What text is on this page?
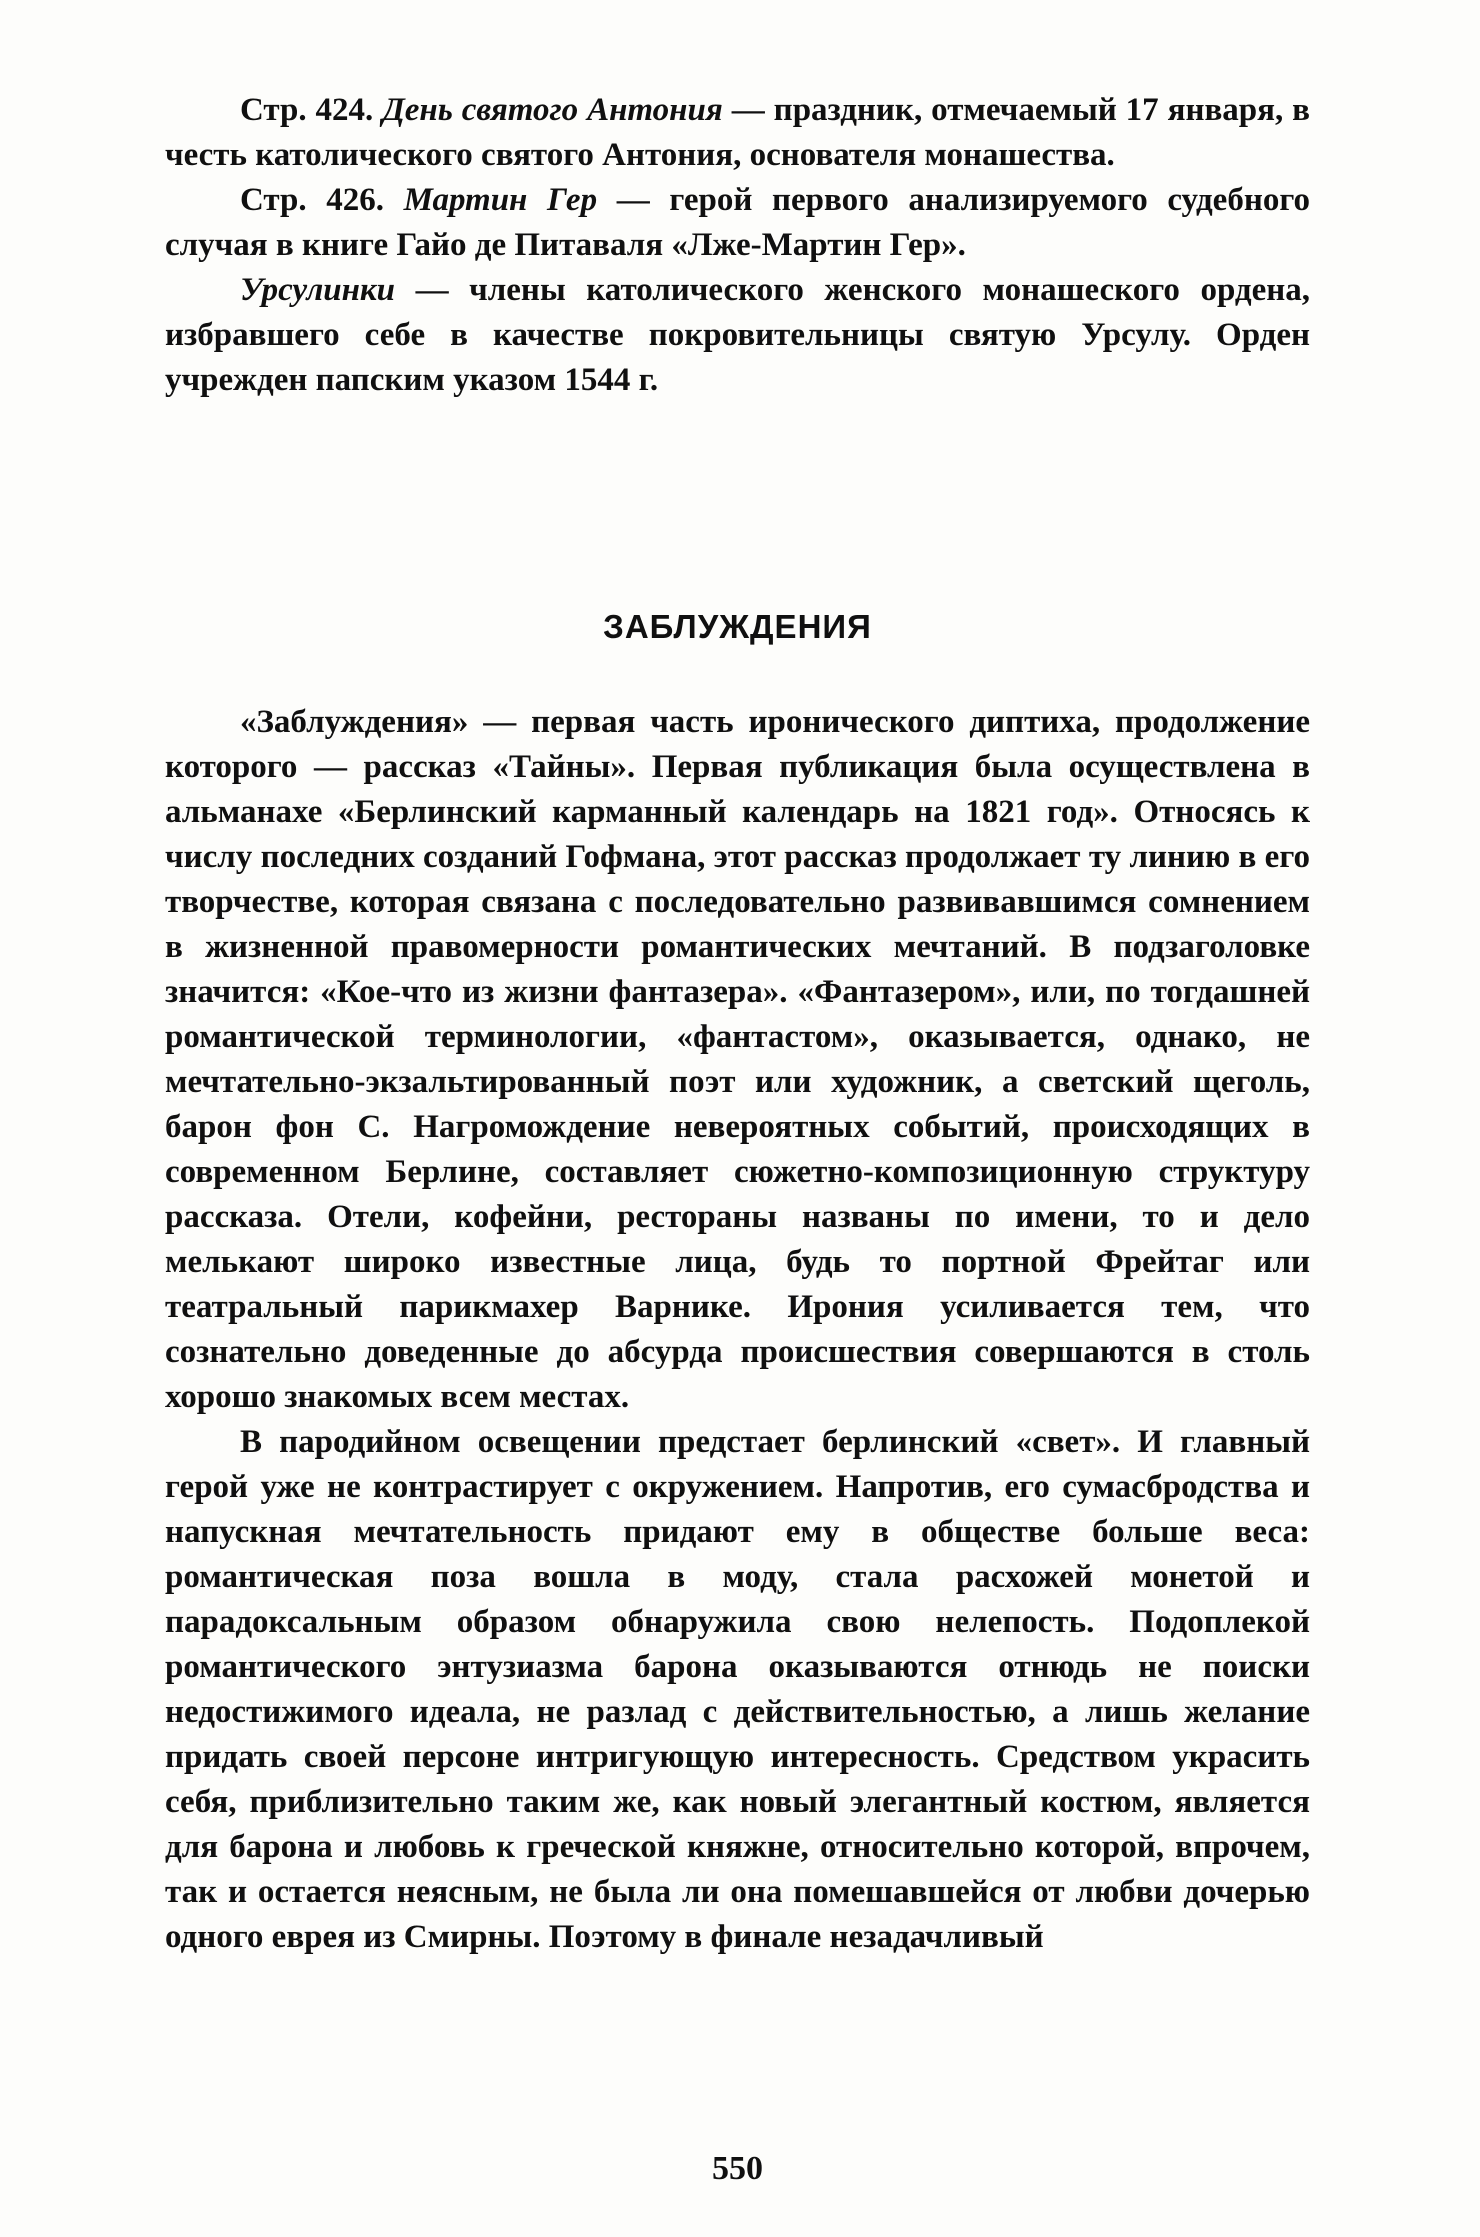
Стр. 424. День святого Антония — праздник, отмечаемый 17 января, в честь католического святого Антония, основателя монашества.

Стр. 426. Мартин Гер — герой первого анализируемого судебного случая в книге Гайо де Питаваля «Лже-Мартин Гер».

Урсулинки — члены католического женского монашеского ордена, избравшего себе в качестве покровительницы святую Урсулу. Орден учрежден папским указом 1544 г.

ЗАБЛУЖДЕНИЯ

«Заблуждения» — первая часть иронического диптиха, продолжение которого — рассказ «Тайны». Первая публикация была осуществлена в альманахе «Берлинский карманный календарь на 1821 год». Относясь к числу последних созданий Гофмана, этот рассказ продолжает ту линию в его творчестве, которая связана с последовательно развивавшимся сомнением в жизненной правомерности романтических мечтаний. В подзаголовке значится: «Кое-что из жизни фантазера». «Фантазером», или, по тогдашней романтической терминологии, «фантастом», оказывается, однако, не мечтательно-экзальтированный поэт или художник, а светский щеголь, барон фон С. Нагромождение невероятных событий, происходящих в современном Берлине, составляет сюжетно-композиционную структуру рассказа. Отели, кофейни, рестораны названы по имени, то и дело мелькают широко известные лица, будь то портной Фрейтаг или театральный парикмахер Варнике. Ирония усиливается тем, что сознательно доведенные до абсурда происшествия совершаются в столь хорошо знакомых всем местах.

В пародийном освещении предстает берлинский «свет». И главный герой уже не контрастирует с окружением. Напротив, его сумасбродства и напускная мечтательность придают ему в обществе больше веса: романтическая поза вошла в моду, стала расхожей монетой и парадоксальным образом обнаружила свою нелепость. Подоплекой романтического энтузиазма барона оказываются отнюдь не поиски недостижимого идеала, не разлад с действительностью, а лишь желание придать своей персоне интригующую интересность. Средством украсить себя, приблизительно таким же, как новый элегантный костюм, является для барона и любовь к греческой княжне, относительно которой, впрочем, так и остается неясным, не была ли она помешавшейся от любви дочерью одного еврея из Смирны. Поэтому в финале незадачливый

550
